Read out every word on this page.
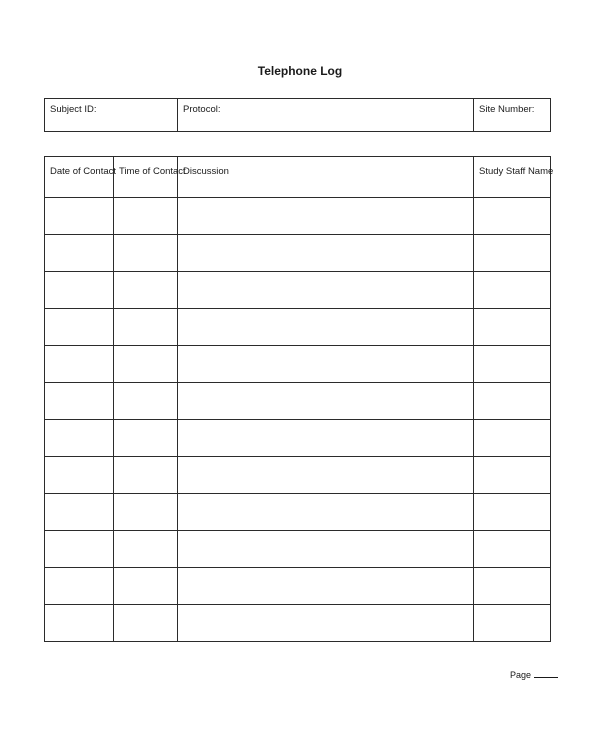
Telephone Log
Subject ID:	Protocol:	Site Number:
Date of Contact	Time of Contact	Discussion	Study Staff Name

Page
